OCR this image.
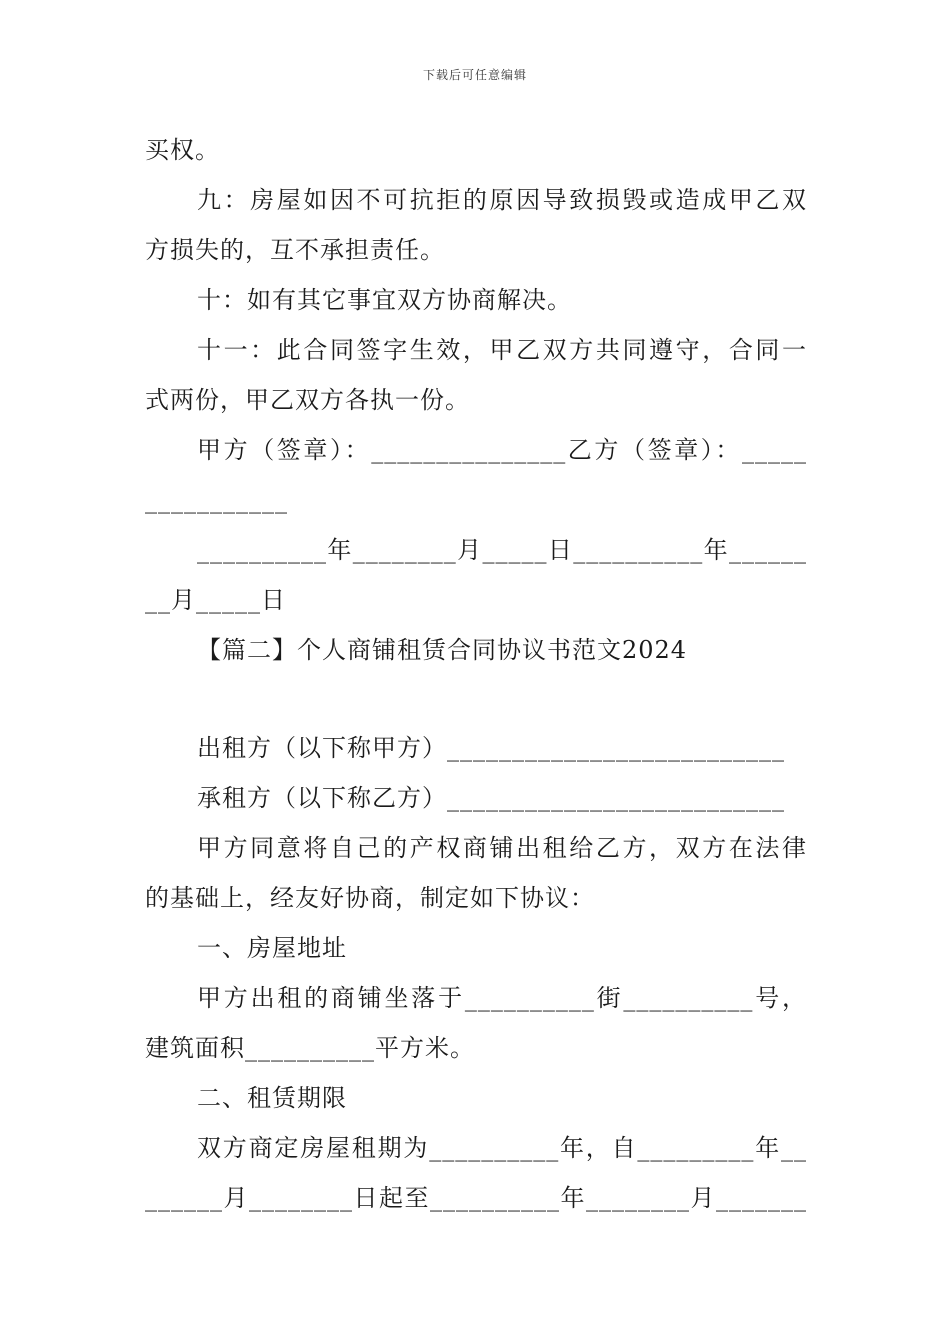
下载后可任意编辑
买权。
九：房屋如因不可抗拒的原因导致损毁或造成甲乙双
方损失的，互不承担责任。
十：如有其它事宜双方协商解决。
十一：此合同签字生效，甲乙双方共同遵守，合同一
式两份，甲乙双方各执一份。
甲方（签章）：_______________乙方（签章）：_____
___________
__________年________月_____日__________年______
__月_____日
【篇二】个人商铺租赁合同协议书范文2024
出租方（以下称甲方）__________________________
承租方（以下称乙方）__________________________
甲方同意将自己的产权商铺出租给乙方，双方在法律
的基础上，经友好协商，制定如下协议：
一、房屋地址
甲方出租的商铺坐落于__________街__________号，
建筑面积__________平方米。
二、租赁期限
双方商定房屋租期为__________年，自_________年__
______月________日起至__________年________月_______
